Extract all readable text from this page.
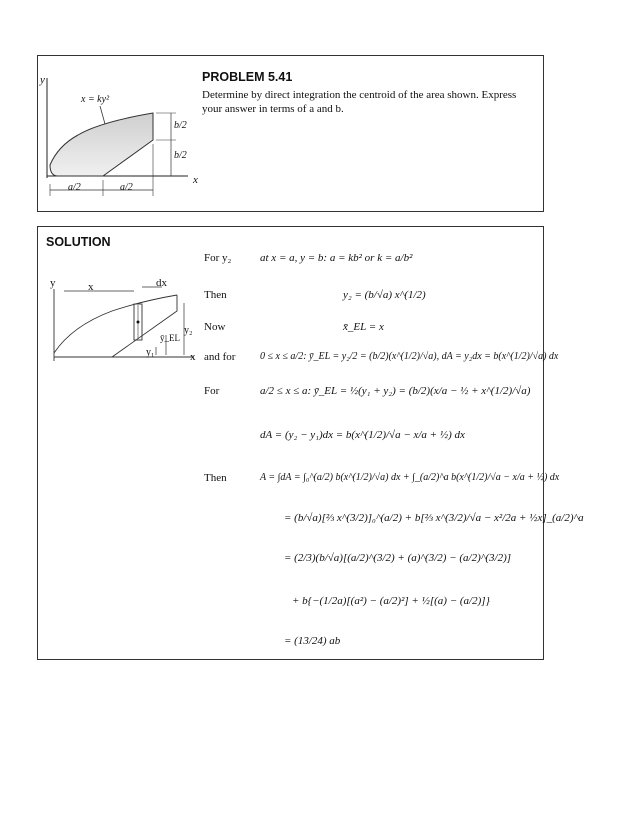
y
x
x = ky²
b/2
b/2
a/2	a/2
PROBLEM 5.41
Determine by direct integration the centroid of the area shown. Express your answer in terms of a and b.
SOLUTION
y	x	dx
y₂
ȳ_EL
y₁	x
For y₂	at x = a, y = b: a = kb² or k = a/b²
Then	y₂ = (b/√a) x^(1/2)
Now	x̄_EL = x
and for 0 ≤ x ≤ a/2: ȳ_EL = y₂/2 = (b/2)(x^(1/2)/√a), dA = y₂dx = b(x^(1/2)/√a) dx
For	a/2 ≤ x ≤ a: ȳ_EL = ½(y₁ + y₂) = (b/2)(x/a − ½ + x^(1/2)/√a)
dA = (y₂ − y₁)dx = b(x^(1/2)/√a − x/a + ½) dx
Then	A = ∫dA = ∫₀^(a/2) b(x^(1/2)/√a) dx + ∫_(a/2)^a b(x^(1/2)/√a − x/a + ½) dx
= (b/√a)[⅔ x^(3/2)]₀^(a/2) + b[⅔ x^(3/2)/√a − x²/2a + ½x]_(a/2)^a
= (2/3)(b/√a)[(a/2)^(3/2) + (a)^(3/2) − (a/2)^(3/2)]
+ b{−(1/2a)[(a²) − (a/2)²] + ½[(a) − (a/2)]}
= (13/24) ab
